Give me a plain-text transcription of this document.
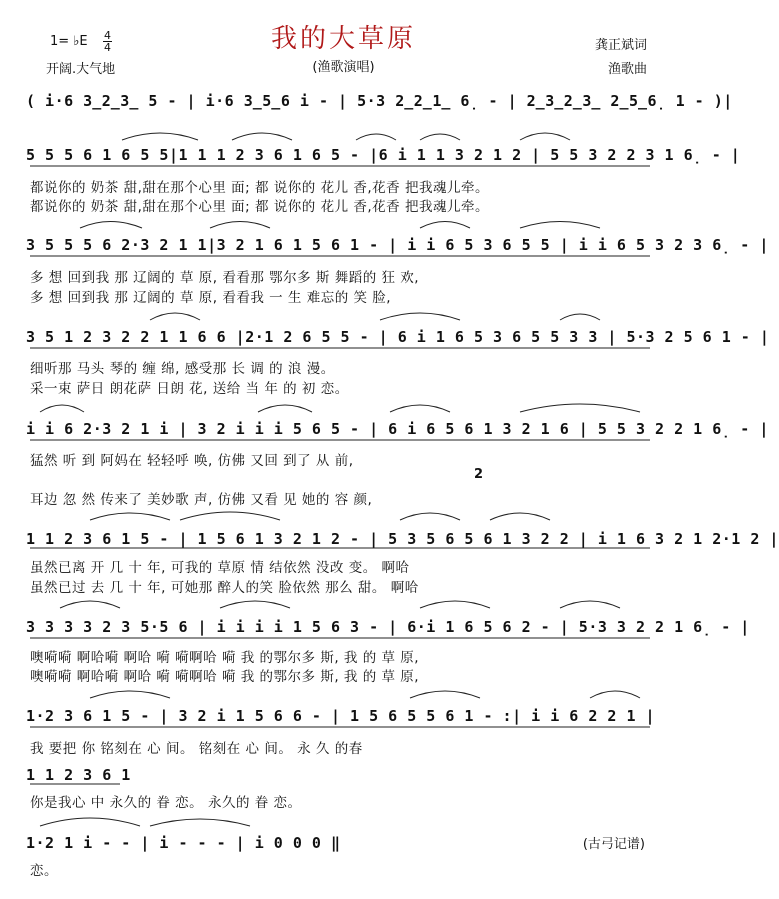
我的大草原
(渔歌演唱)
1= ♭E 4
4
开阔.大气地
龚正斌词
渔歌曲
( i·6 3̲2̲3̲ 5 - | i·6 3̲5̲6 i - | 5·3 2̲2̲1̲ 6̣ - | 2̲3̲2̲3̲ 2̲5̲6̣ 1 - )|
5 5 5 6 1 6 5 5|1 1 1 2 3 6 1 6 5 - |6 i 1 1 3 2 1 2 | 5 5 3 2 2 3 1 6̣ - |
都说你的 奶茶 甜,甜在那个心里 面; 都 说你的 花儿 香,花香 把我魂儿牵。
都说你的 奶茶 甜,甜在那个心里 面; 都 说你的 花儿 香,花香 把我魂儿牵。
3 5 5 5 6 2·3 2 1 1|3 2 1 6 1 5 6 1 - | i i 6 5 3 6 5 5 | i i 6 5 3 2 3 6̣ - |
多 想 回到我 那 辽阔的 草 原, 看看那 鄂尔多 斯 舞蹈的 狂 欢,
多 想 回到我 那 辽阔的 草 原, 看看我 一 生 难忘的 笑 脸,
3 5 1 2 3 2 2 1 1 6 6 |2·1 2 6 5 5 - | 6 i 1 6 5 3 6 5 5 3 3 | 5·3 2 5 6 1 - |
细听那 马头 琴的 缠 绵, 感受那 长 调 的 浪 漫。
采一束 萨日 朗花萨 日朗 花, 送给 当 年 的 初 恋。
i i 6 2·3 2 1 i | 3 2 i i i 5 6 5 - | 6 i 6 5 6 1 3 2 1 6 | 5 5 3 2 2 1 6̣ - |
猛然 听 到 阿妈在 轻轻呼 唤, 仿佛 又回 到了 从 前,
2
耳边 忽 然 传来了 美妙歌 声, 仿佛 又看 见 她的 容 颜,
1 1 2 3 6 1 5 - | 1 5 6 1 3 2 1 2 - | 5 3 5 6 5 6 1 3 2 2 | i 1 6 3 2 1 2·1 2 |
虽然已离 开 几 十 年, 可我的 草原 情 结依然 没改 变。 啊哈
虽然已过 去 几 十 年, 可她那 醉人的笑 脸依然 那么 甜。 啊哈
3 3 3 3 2 3 5·5 6 | i i i i 1 5 6 3 - | 6·i 1 6 5 6 2 - | 5·3 3 2 2 1 6̣ - |
噢嗬嗬 啊哈嗬 啊哈 嗬 嗬啊哈 嗬 我 的鄂尔多 斯, 我 的 草 原,
噢嗬嗬 啊哈嗬 啊哈 嗬 嗬啊哈 嗬 我 的鄂尔多 斯, 我 的 草 原,
1·2 3 6 1 5 - | 3 2 i 1 5 6 6 - | 1 5 6 5 5 6 1 - :| i i 6 2 2 1 |
我 要把 你 铭刻在 心 间。 铭刻在 心 间。 永 久 的春
1 1 2 3 6 1
你是我心 中 永久的 眷 恋。 永久的 眷 恋。
1·2 1 i - - | i - - - | i 0 0 0 ‖
恋。
(古弓记谱)
